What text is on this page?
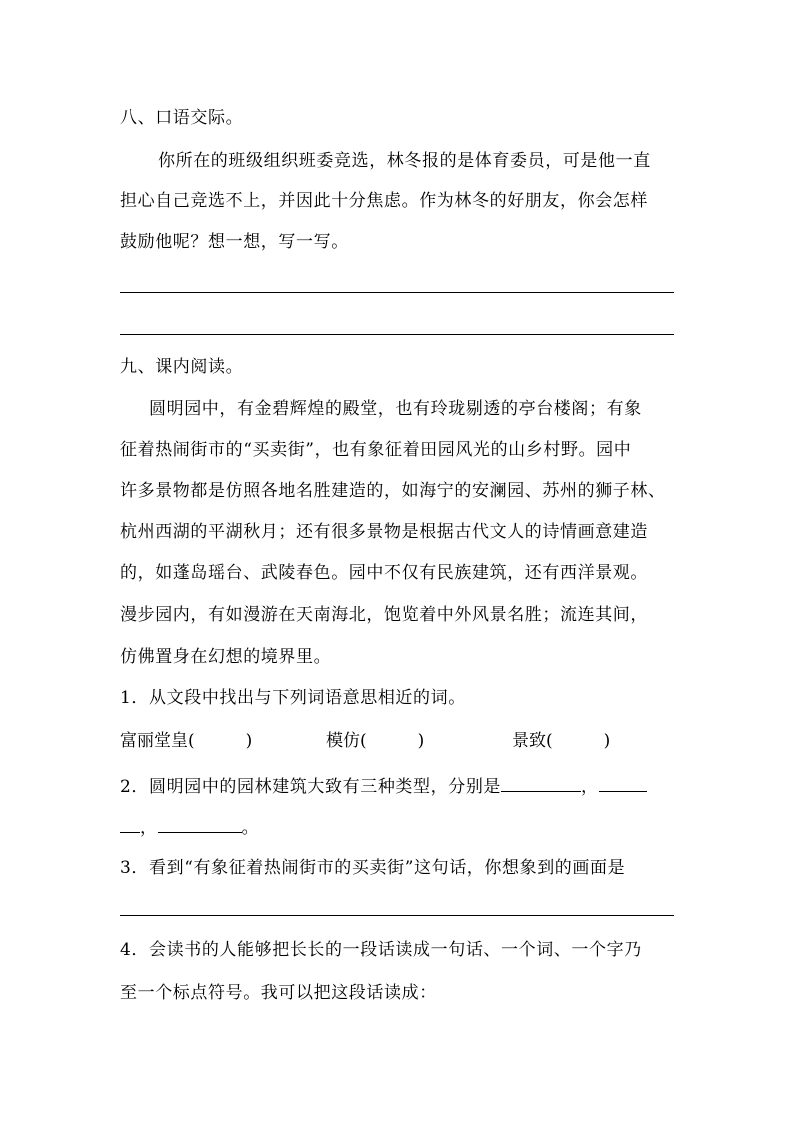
八、口语交际。
你所在的班级组织班委竞选，林冬报的是体育委员，可是他一直
担心自己竞选不上，并因此十分焦虑。作为林冬的好朋友，你会怎样
鼓励他呢？想一想，写一写。
九、课内阅读。
圆明园中，有金碧辉煌的殿堂，也有玲珑剔透的亭台楼阁；有象
征着热闹街市的“买卖街”，也有象征着田园风光的山乡村野。园中
许多景物都是仿照各地名胜建造的，如海宁的安澜园、苏州的狮子林、
杭州西湖的平湖秋月；还有很多景物是根据古代文人的诗情画意建造
的，如蓬岛瑶台、武陵春色。园中不仅有民族建筑，还有西洋景观。
漫步园内，有如漫游在天南海北，饱览着中外风景名胜；流连其间，
仿佛置身在幻想的境界里。
1．从文段中找出与下列词语意思相近的词。
富丽堂皇(　　　)	模仿(　　　)	景致(　　　)
2．圆明园中的园林建筑大致有三种类型，分别是	，
，	。
3．看到“有象征着热闹街市的买卖街”这句话，你想象到的画面是
4．会读书的人能够把长长的一段话读成一句话、一个词、一个字乃
至一个标点符号。我可以把这段话读成：
